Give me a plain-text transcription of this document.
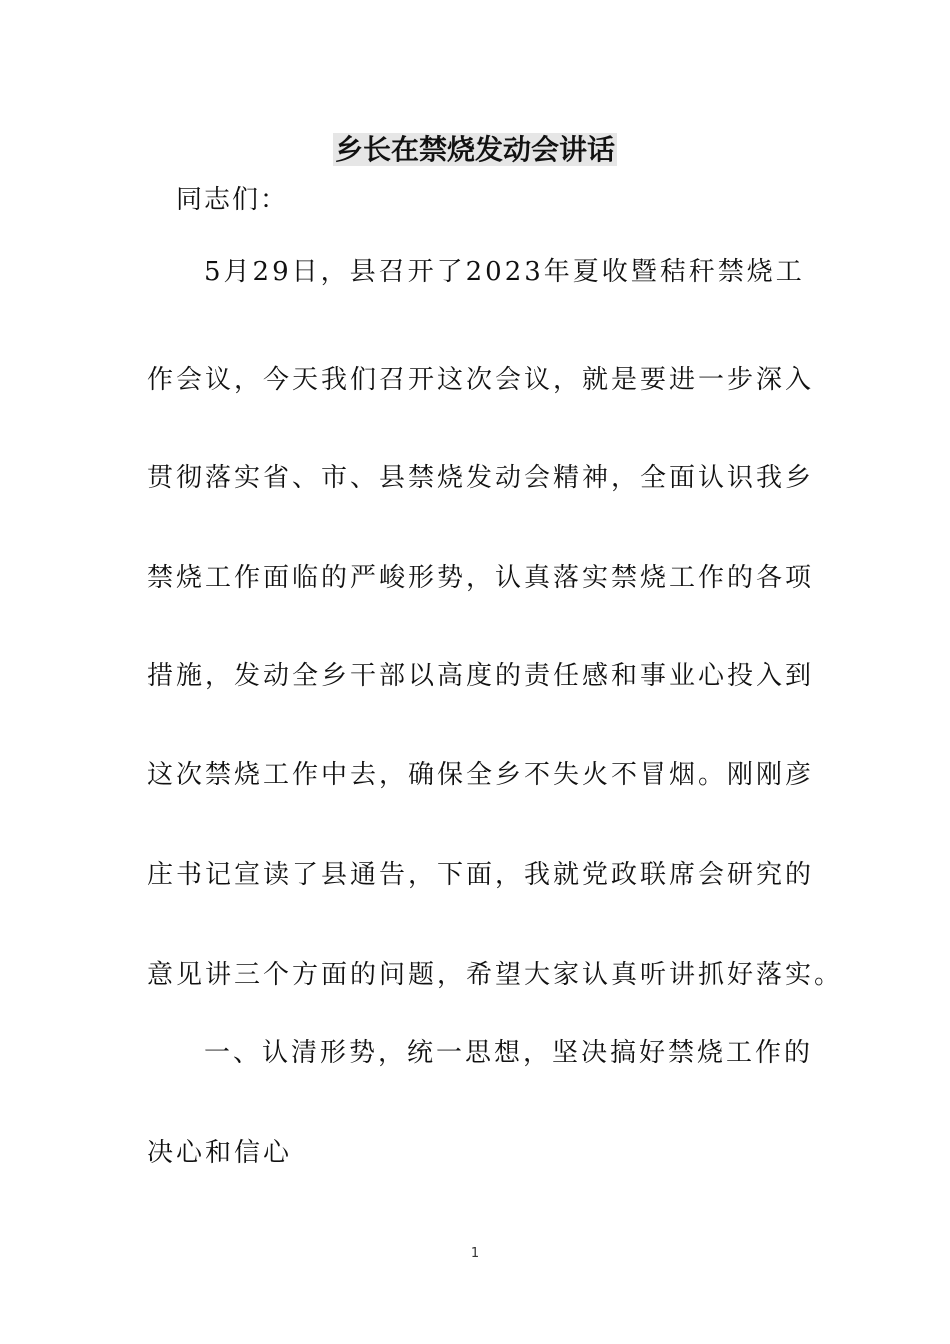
乡长在禁烧发动会讲话
同志们：
5月29日，县召开了2023年夏收暨秸秆禁烧工
作会议，今天我们召开这次会议，就是要进一步深入
贯彻落实省、市、县禁烧发动会精神，全面认识我乡
禁烧工作面临的严峻形势，认真落实禁烧工作的各项
措施，发动全乡干部以高度的责任感和事业心投入到
这次禁烧工作中去，确保全乡不失火不冒烟。刚刚彦
庄书记宣读了县通告，下面，我就党政联席会研究的
意见讲三个方面的问题，希望大家认真听讲抓好落实。
一、认清形势，统一思想，坚决搞好禁烧工作的
决心和信心
1
